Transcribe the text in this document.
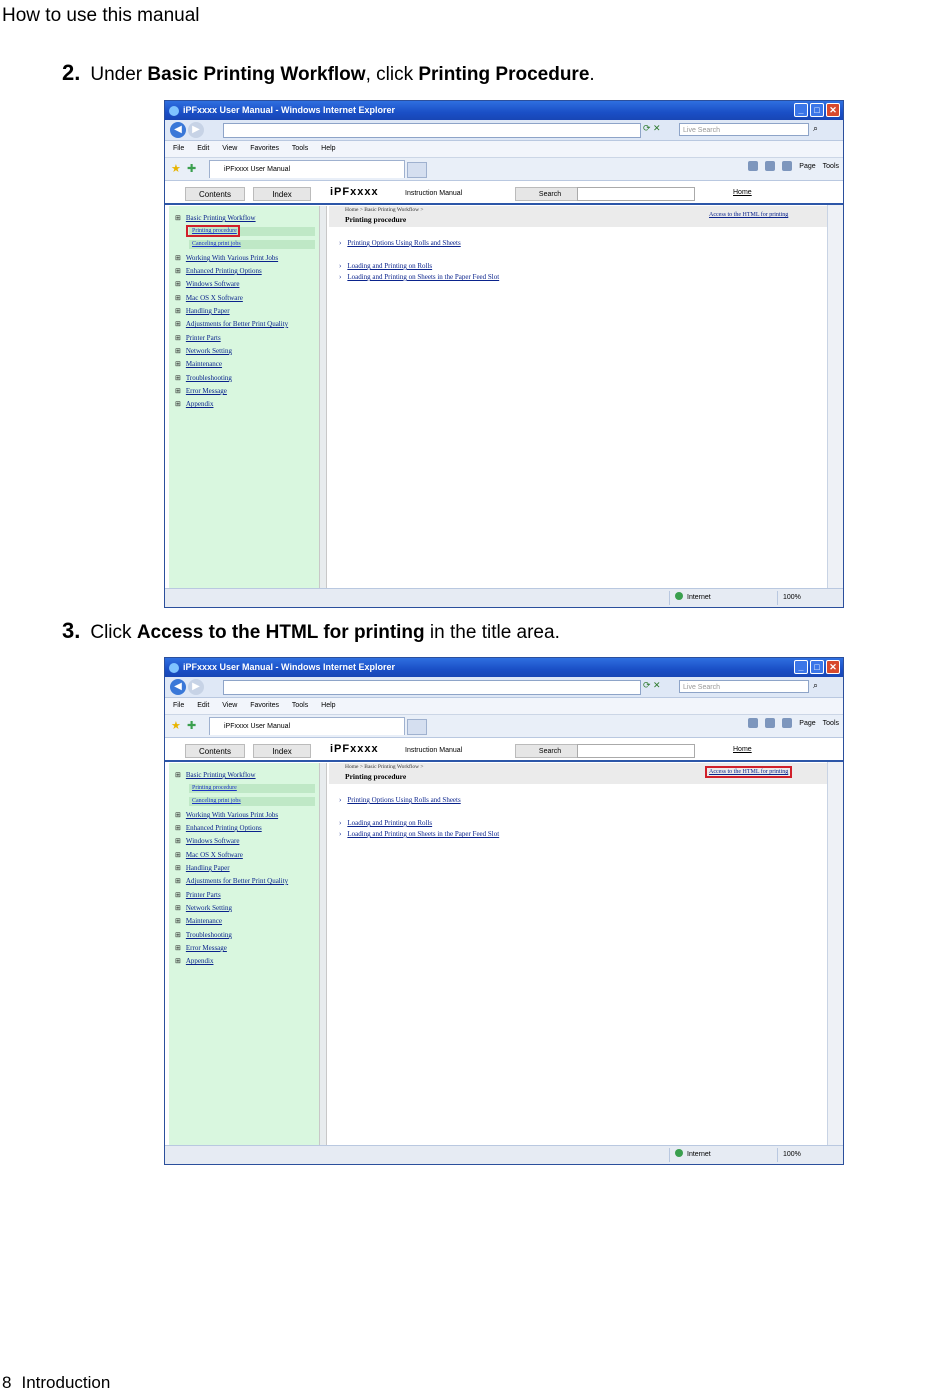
How to use this manual
2. Under Basic Printing Workflow, click Printing Procedure.
iPFxxxx User Manual - Windows Internet Explorer	_	□	✕
◀	▶	⟳ ✕	Live Search	⌕
File Edit View Favorites Tools Help
★ ✚	iPFxxxx User Manual	Page Tools
Contents	Index	iPFxxxx	Instruction Manual	Search	Home
⊞ Basic Printing Workflow
Printing procedure
Canceling print jobs
⊞ Working With Various Print Jobs
⊞ Enhanced Printing Options
⊞ Windows Software
⊞ Mac OS X Software
⊞ Handling Paper
⊞ Adjustments for Better Print Quality
⊞ Printer Parts
⊞ Network Setting
⊞ Maintenance
⊞ Troubleshooting
⊞ Error Message
⊞ Appendix
Home > Basic Printing Workflow >
Printing procedure	Access to the HTML for printing
› Printing Options Using Rolls and Sheets
› Loading and Printing on Rolls
› Loading and Printing on Sheets in the Paper Feed Slot
Internet	100%
3. Click Access to the HTML for printing in the title area.
iPFxxxx User Manual - Windows Internet Explorer	_	□	✕
◀	▶	⟳ ✕	Live Search	⌕
File Edit View Favorites Tools Help
★ ✚	iPFxxxx User Manual	Page Tools
Contents	Index	iPFxxxx	Instruction Manual	Search	Home
⊞ Basic Printing Workflow
Printing procedure
Canceling print jobs
⊞ Working With Various Print Jobs
⊞ Enhanced Printing Options
⊞ Windows Software
⊞ Mac OS X Software
⊞ Handling Paper
⊞ Adjustments for Better Print Quality
⊞ Printer Parts
⊞ Network Setting
⊞ Maintenance
⊞ Troubleshooting
⊞ Error Message
⊞ Appendix
Home > Basic Printing Workflow >
Printing procedure	Access to the HTML for printing
› Printing Options Using Rolls and Sheets
› Loading and Printing on Rolls
› Loading and Printing on Sheets in the Paper Feed Slot
Internet	100%
8 Introduction
